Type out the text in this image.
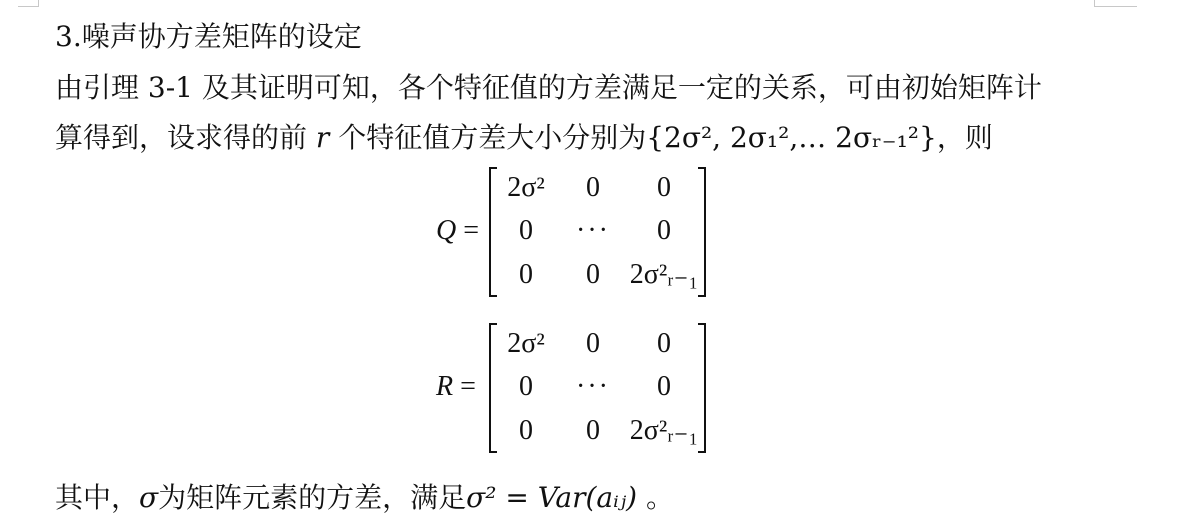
3.噪声协方差矩阵的设定
由引理 3-1 及其证明可知，各个特征值的方差满足一定的关系，可由初始矩阵计
算得到，设求得的前 r 个特征值方差大小分别为{2σ², 2σ₁²,… 2σᵣ₋₁²}，则
Q =
2σ²	0	0
0	···	0
0	0	2σ²ᵣ₋₁
R =
2σ²	0	0
0	···	0
0	0	2σ²ᵣ₋₁
其中，σ为矩阵元素的方差，满足σ² = Var(aᵢⱼ) 。
